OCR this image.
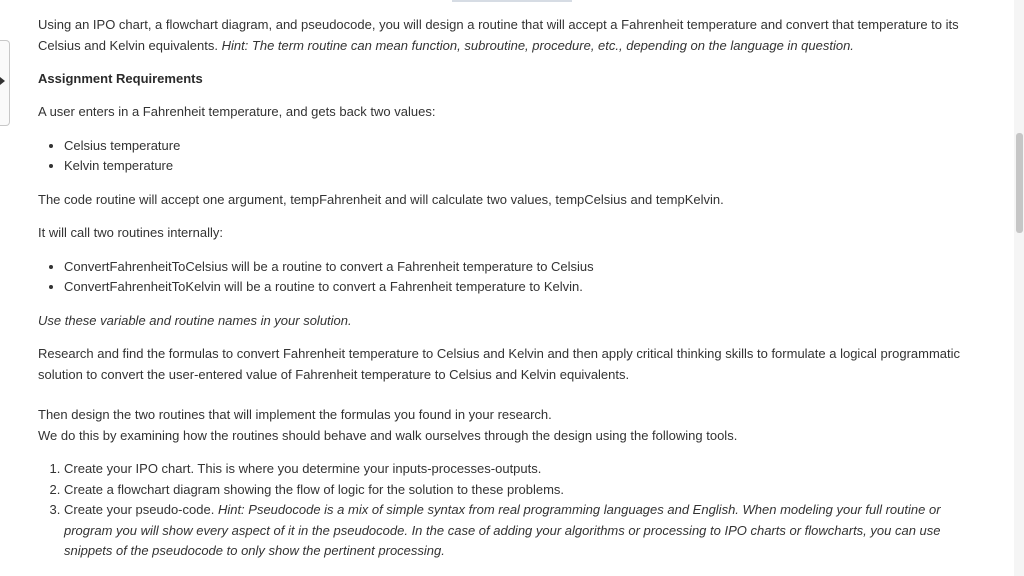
Using an IPO chart, a flowchart diagram, and pseudocode, you will design a routine that will accept a Fahrenheit temperature and convert that temperature to its Celsius and Kelvin equivalents. Hint: The term routine can mean function, subroutine, procedure, etc., depending on the language in question.

Assignment Requirements

A user enters in a Fahrenheit temperature, and gets back two values:

• Celsius temperature
• Kelvin temperature

The code routine will accept one argument, tempFahrenheit and will calculate two values, tempCelsius and tempKelvin.

It will call two routines internally:

• ConvertFahrenheitToCelsius will be a routine to convert a Fahrenheit temperature to Celsius
• ConvertFahrenheitToKelvin will be a routine to convert a Fahrenheit temperature to Kelvin.

Use these variable and routine names in your solution.

Research and find the formulas to convert Fahrenheit temperature to Celsius and Kelvin and then apply critical thinking skills to formulate a logical programmatic solution to convert the user-entered value of Fahrenheit temperature to Celsius and Kelvin equivalents.

Then design the two routines that will implement the formulas you found in your research.
We do this by examining how the routines should behave and walk ourselves through the design using the following tools.

1. Create your IPO chart. This is where you determine your inputs-processes-outputs.
2. Create a flowchart diagram showing the flow of logic for the solution to these problems.
3. Create your pseudo-code. Hint: Pseudocode is a mix of simple syntax from real programming languages and English. When modeling your full routine or program you will show every aspect of it in the pseudocode. In the case of adding your algorithms or processing to IPO charts or flowcharts, you can use snippets of the pseudocode to only show the pertinent processing.
